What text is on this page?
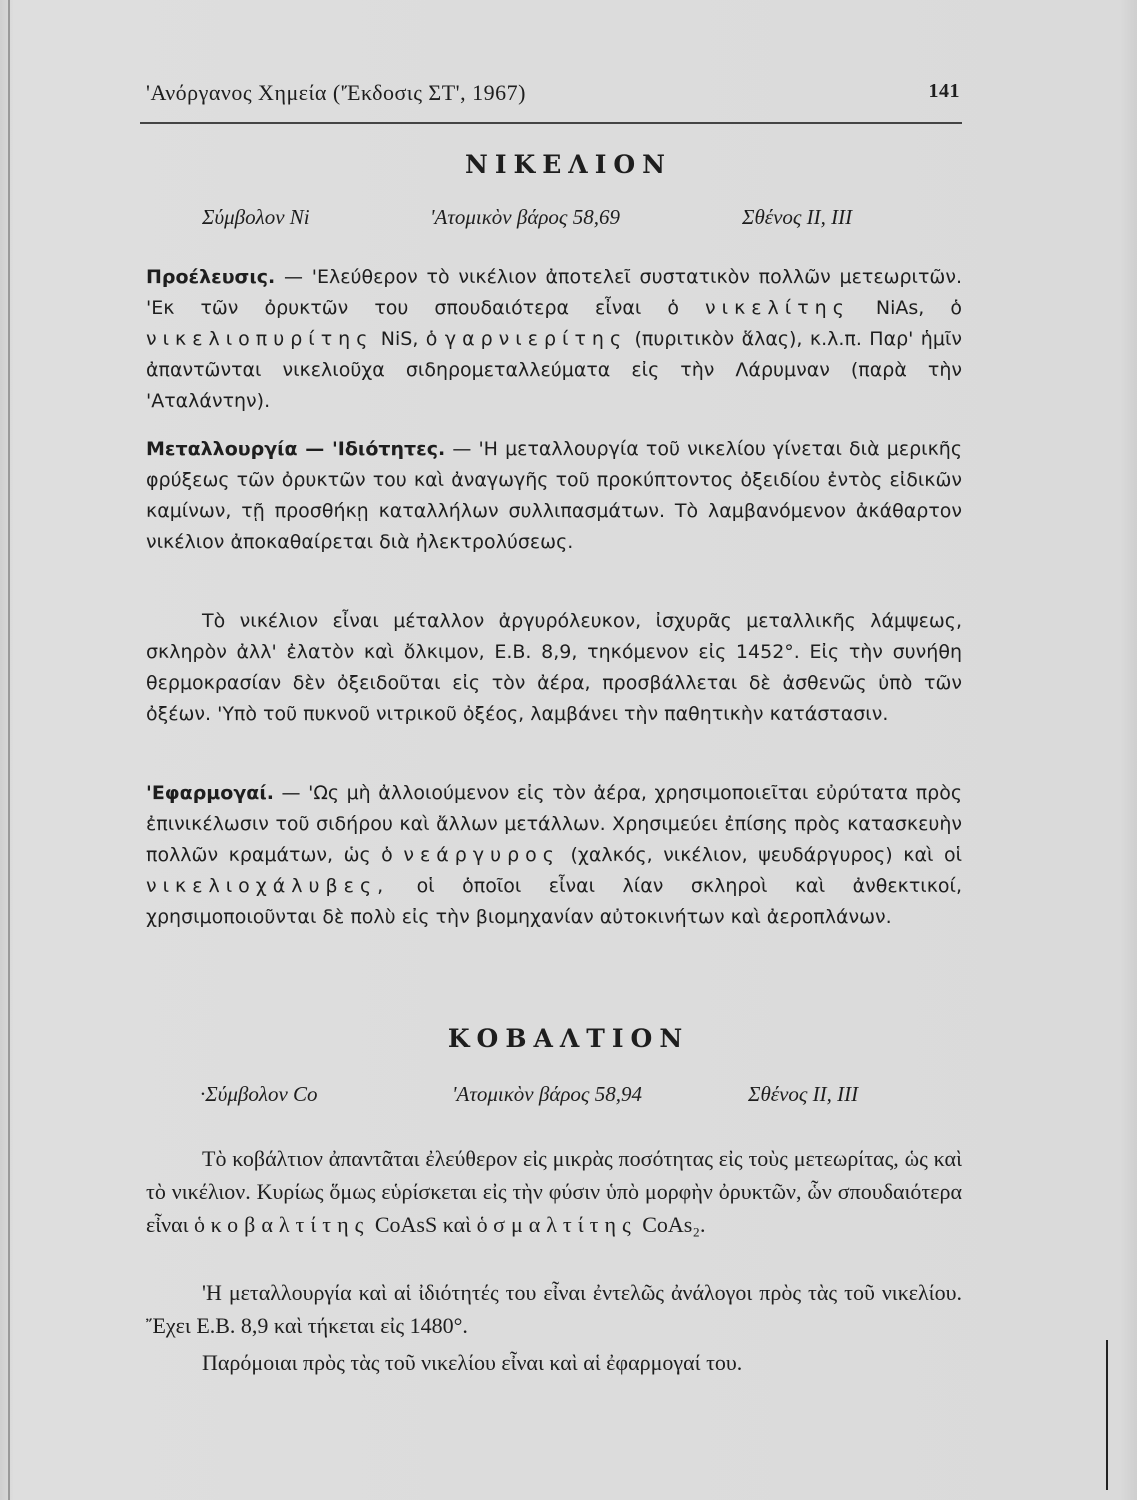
'Ανόργανος Χημεία ('Έκδοσις ΣΤ', 1967)	141
ΝΙΚΕΛΙΟΝ
Σύμβολον Ni	'Ατομικὸν βάρος 58,69	Σθένος II, III

Προέλευσις. — 'Ελεύθερον τὸ νικέλιον ἀποτελεῖ συστατικὸν πολλῶν μετεωριτῶν. 'Εκ τῶν ὀρυκτῶν του σπουδαιότερα εἶναι ὁ νικελίτης NiAs, ὁ νικελιοπυρίτης NiS, ὁ γαρνιερίτης (πυριτικὸν ἅλας), κ.λ.π. Παρ' ἡμῖν ἀπαντῶνται νικελιοῦχα σιδηρομεταλλεύματα εἰς τὴν Λάρυμναν (παρὰ τὴν 'Αταλάντην).

Μεταλλουργία — 'Ιδιότητες. — 'Η μεταλλουργία τοῦ νικελίου γίνεται διὰ μερικῆς φρύξεως τῶν ὀρυκτῶν του καὶ ἀναγωγῆς τοῦ προκύπτοντος ὀξειδίου ἐντὸς εἰδικῶν καμίνων, τῇ προσθήκῃ καταλλήλων συλλιπασμάτων. Τὸ λαμβανόμενον ἀκάθαρτον νικέλιον ἀποκαθαίρεται διὰ ἠλεκτρολύσεως.

Τὸ νικέλιον εἶναι μέταλλον ἀργυρόλευκον, ἰσχυρᾶς μεταλλικῆς λάμψεως, σκληρὸν ἀλλ' ἐλατὸν καὶ ὄλκιμον, Ε.Β. 8,9, τηκόμενον εἰς 1452°. Εἰς τὴν συνήθη θερμοκρασίαν δὲν ὀξειδοῦται εἰς τὸν ἀέρα, προσβάλλεται δὲ ἀσθενῶς ὑπὸ τῶν ὀξέων. 'Υπὸ τοῦ πυκνοῦ νιτρικοῦ ὀξέος, λαμβάνει τὴν παθητικὴν κατάστασιν.

'Εφαρμογαί. — 'Ως μὴ ἀλλοιούμενον εἰς τὸν ἀέρα, χρησιμοποιεῖται εὐρύτατα πρὸς ἐπινικέλωσιν τοῦ σιδήρου καὶ ἄλλων μετάλλων. Χρησιμεύει ἐπίσης πρὸς κατασκευὴν πολλῶν κραμάτων, ὡς ὁ νεάργυρος (χαλκός, νικέλιον, ψευδάργυρος) καὶ οἱ νικελιοχάλυβες, οἱ ὁποῖοι εἶναι λίαν σκληροὶ καὶ ἀνθεκτικοί, χρησιμοποιοῦνται δὲ πολὺ εἰς τὴν βιομηχανίαν αὐτοκινήτων καὶ ἀεροπλάνων.

ΚΟΒΑΛΤΙΟΝ
·Σύμβολον Co	'Ατομικὸν βάρος 58,94	Σθένος II, III

Τὸ κοβάλτιον ἀπαντᾶται ἐλεύθερον εἰς μικρὰς ποσότητας εἰς τοὺς μετεωρίτας, ὡς καὶ τὸ νικέλιον. Κυρίως ὅμως εὑρίσκεται εἰς τὴν φύσιν ὑπὸ μορφὴν ὀρυκτῶν, ὧν σπουδαιότερα εἶναι ὁ κοβαλτίτης CoAsS καὶ ὁ σμαλτίτης CoAs₂.

'Η μεταλλουργία καὶ αἱ ἰδιότητές του εἶναι ἐντελῶς ἀνάλογοι πρὸς τὰς τοῦ νικελίου. Ἔχει Ε.Β. 8,9 καὶ τήκεται εἰς 1480°.

Παρόμοιαι πρὸς τὰς τοῦ νικελίου εἶναι καὶ αἱ ἐφαρμογαί του.
